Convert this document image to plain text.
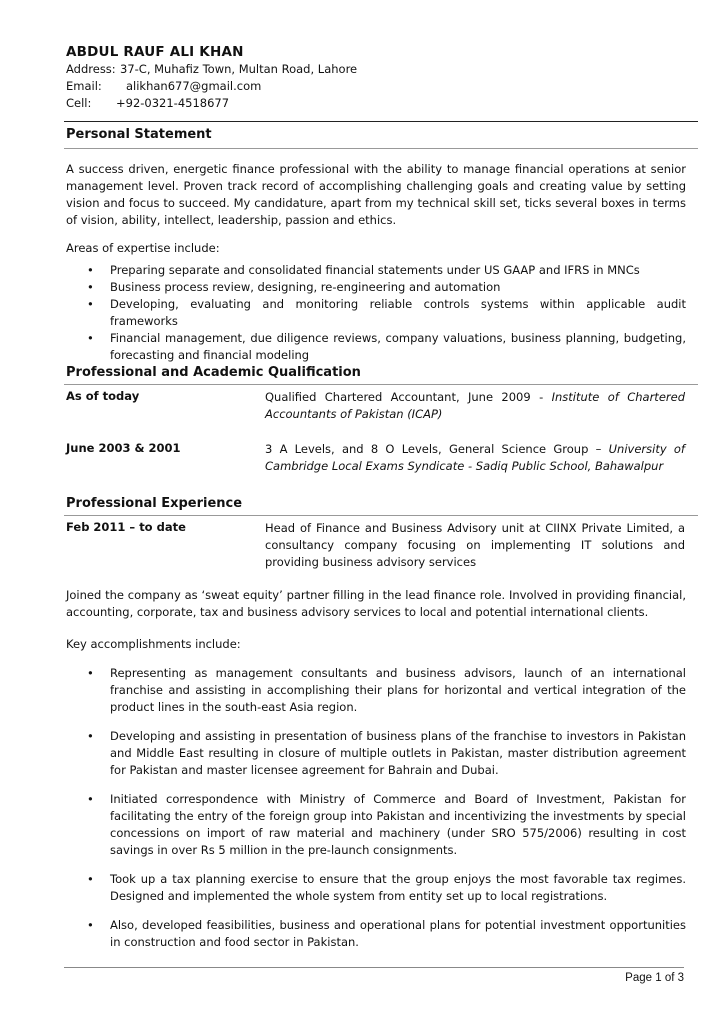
ABDUL RAUF ALI KHAN
Address: 37-C, Muhafiz Town, Multan Road, Lahore
Email: alikhan677@gmail.com
Cell: +92-0321-4518677
Personal Statement
A success driven, energetic finance professional with the ability to manage financial operations at senior management level. Proven track record of accomplishing challenging goals and creating value by setting vision and focus to succeed. My candidature, apart from my technical skill set, ticks several boxes in terms of vision, ability, intellect, leadership, passion and ethics.
Areas of expertise include:
• Preparing separate and consolidated financial statements under US GAAP and IFRS in MNCs
• Business process review, designing, re-engineering and automation
• Developing, evaluating and monitoring reliable controls systems within applicable audit frameworks
• Financial management, due diligence reviews, company valuations, business planning, budgeting, forecasting and financial modeling
Professional and Academic Qualification
As of today	Qualified Chartered Accountant, June 2009 - Institute of Chartered Accountants of Pakistan (ICAP)
June 2003 & 2001	3 A Levels, and 8 O Levels, General Science Group – University of Cambridge Local Exams Syndicate - Sadiq Public School, Bahawalpur
Professional Experience
Feb 2011 – to date	Head of Finance and Business Advisory unit at CIINX Private Limited, a consultancy company focusing on implementing IT solutions and providing business advisory services
Joined the company as ‘sweat equity’ partner filling in the lead finance role. Involved in providing financial, accounting, corporate, tax and business advisory services to local and potential international clients.
Key accomplishments include:
• Representing as management consultants and business advisors, launch of an international franchise and assisting in accomplishing their plans for horizontal and vertical integration of the product lines in the south-east Asia region.
• Developing and assisting in presentation of business plans of the franchise to investors in Pakistan and Middle East resulting in closure of multiple outlets in Pakistan, master distribution agreement for Pakistan and master licensee agreement for Bahrain and Dubai.
• Initiated correspondence with Ministry of Commerce and Board of Investment, Pakistan for facilitating the entry of the foreign group into Pakistan and incentivizing the investments by special concessions on import of raw material and machinery (under SRO 575/2006) resulting in cost savings in over Rs 5 million in the pre-launch consignments.
• Took up a tax planning exercise to ensure that the group enjoys the most favorable tax regimes. Designed and implemented the whole system from entity set up to local registrations.
• Also, developed feasibilities, business and operational plans for potential investment opportunities in construction and food sector in Pakistan.
Page 1 of 3
